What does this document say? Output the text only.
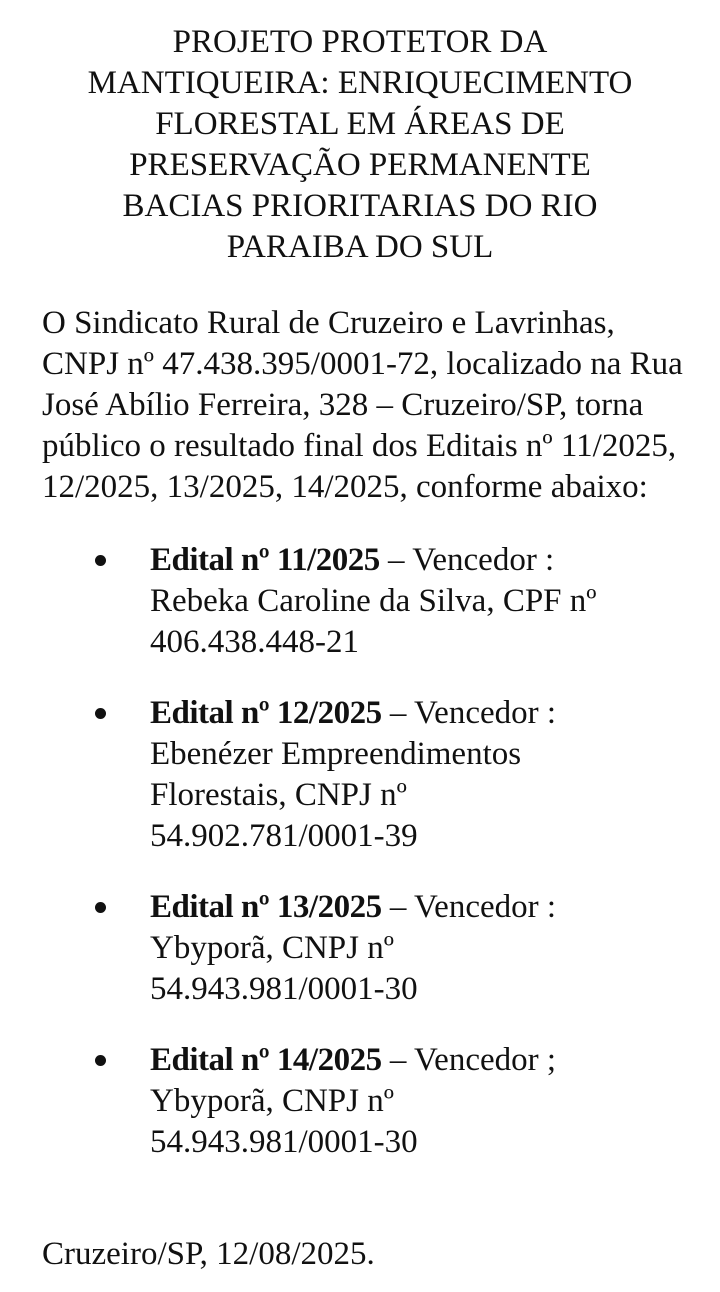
PROJETO PROTETOR DA
MANTIQUEIRA: ENRIQUECIMENTO
FLORESTAL EM ÁREAS DE
PRESERVAÇÃO PERMANENTE
BACIAS PRIORITARIAS DO RIO
PARAIBA DO SUL

O Sindicato Rural de Cruzeiro e Lavrinhas, CNPJ nº 47.438.395/0001-72, localizado na Rua José Abílio Ferreira, 328 – Cruzeiro/SP, torna público o resultado final dos Editais nº 11/2025, 12/2025, 13/2025, 14/2025, conforme abaixo:

Edital nº 11/2025 – Vencedor :
Rebeka Caroline da Silva, CPF nº
406.438.448-21
Edital nº 12/2025 – Vencedor :
Ebenézer Empreendimentos
Florestais, CNPJ nº
54.902.781/0001-39
Edital nº 13/2025 – Vencedor :
Ybyporã, CNPJ nº
54.943.981/0001-30
Edital nº 14/2025 – Vencedor ;
Ybyporã, CNPJ nº
54.943.981/0001-30

Cruzeiro/SP, 12/08/2025.
